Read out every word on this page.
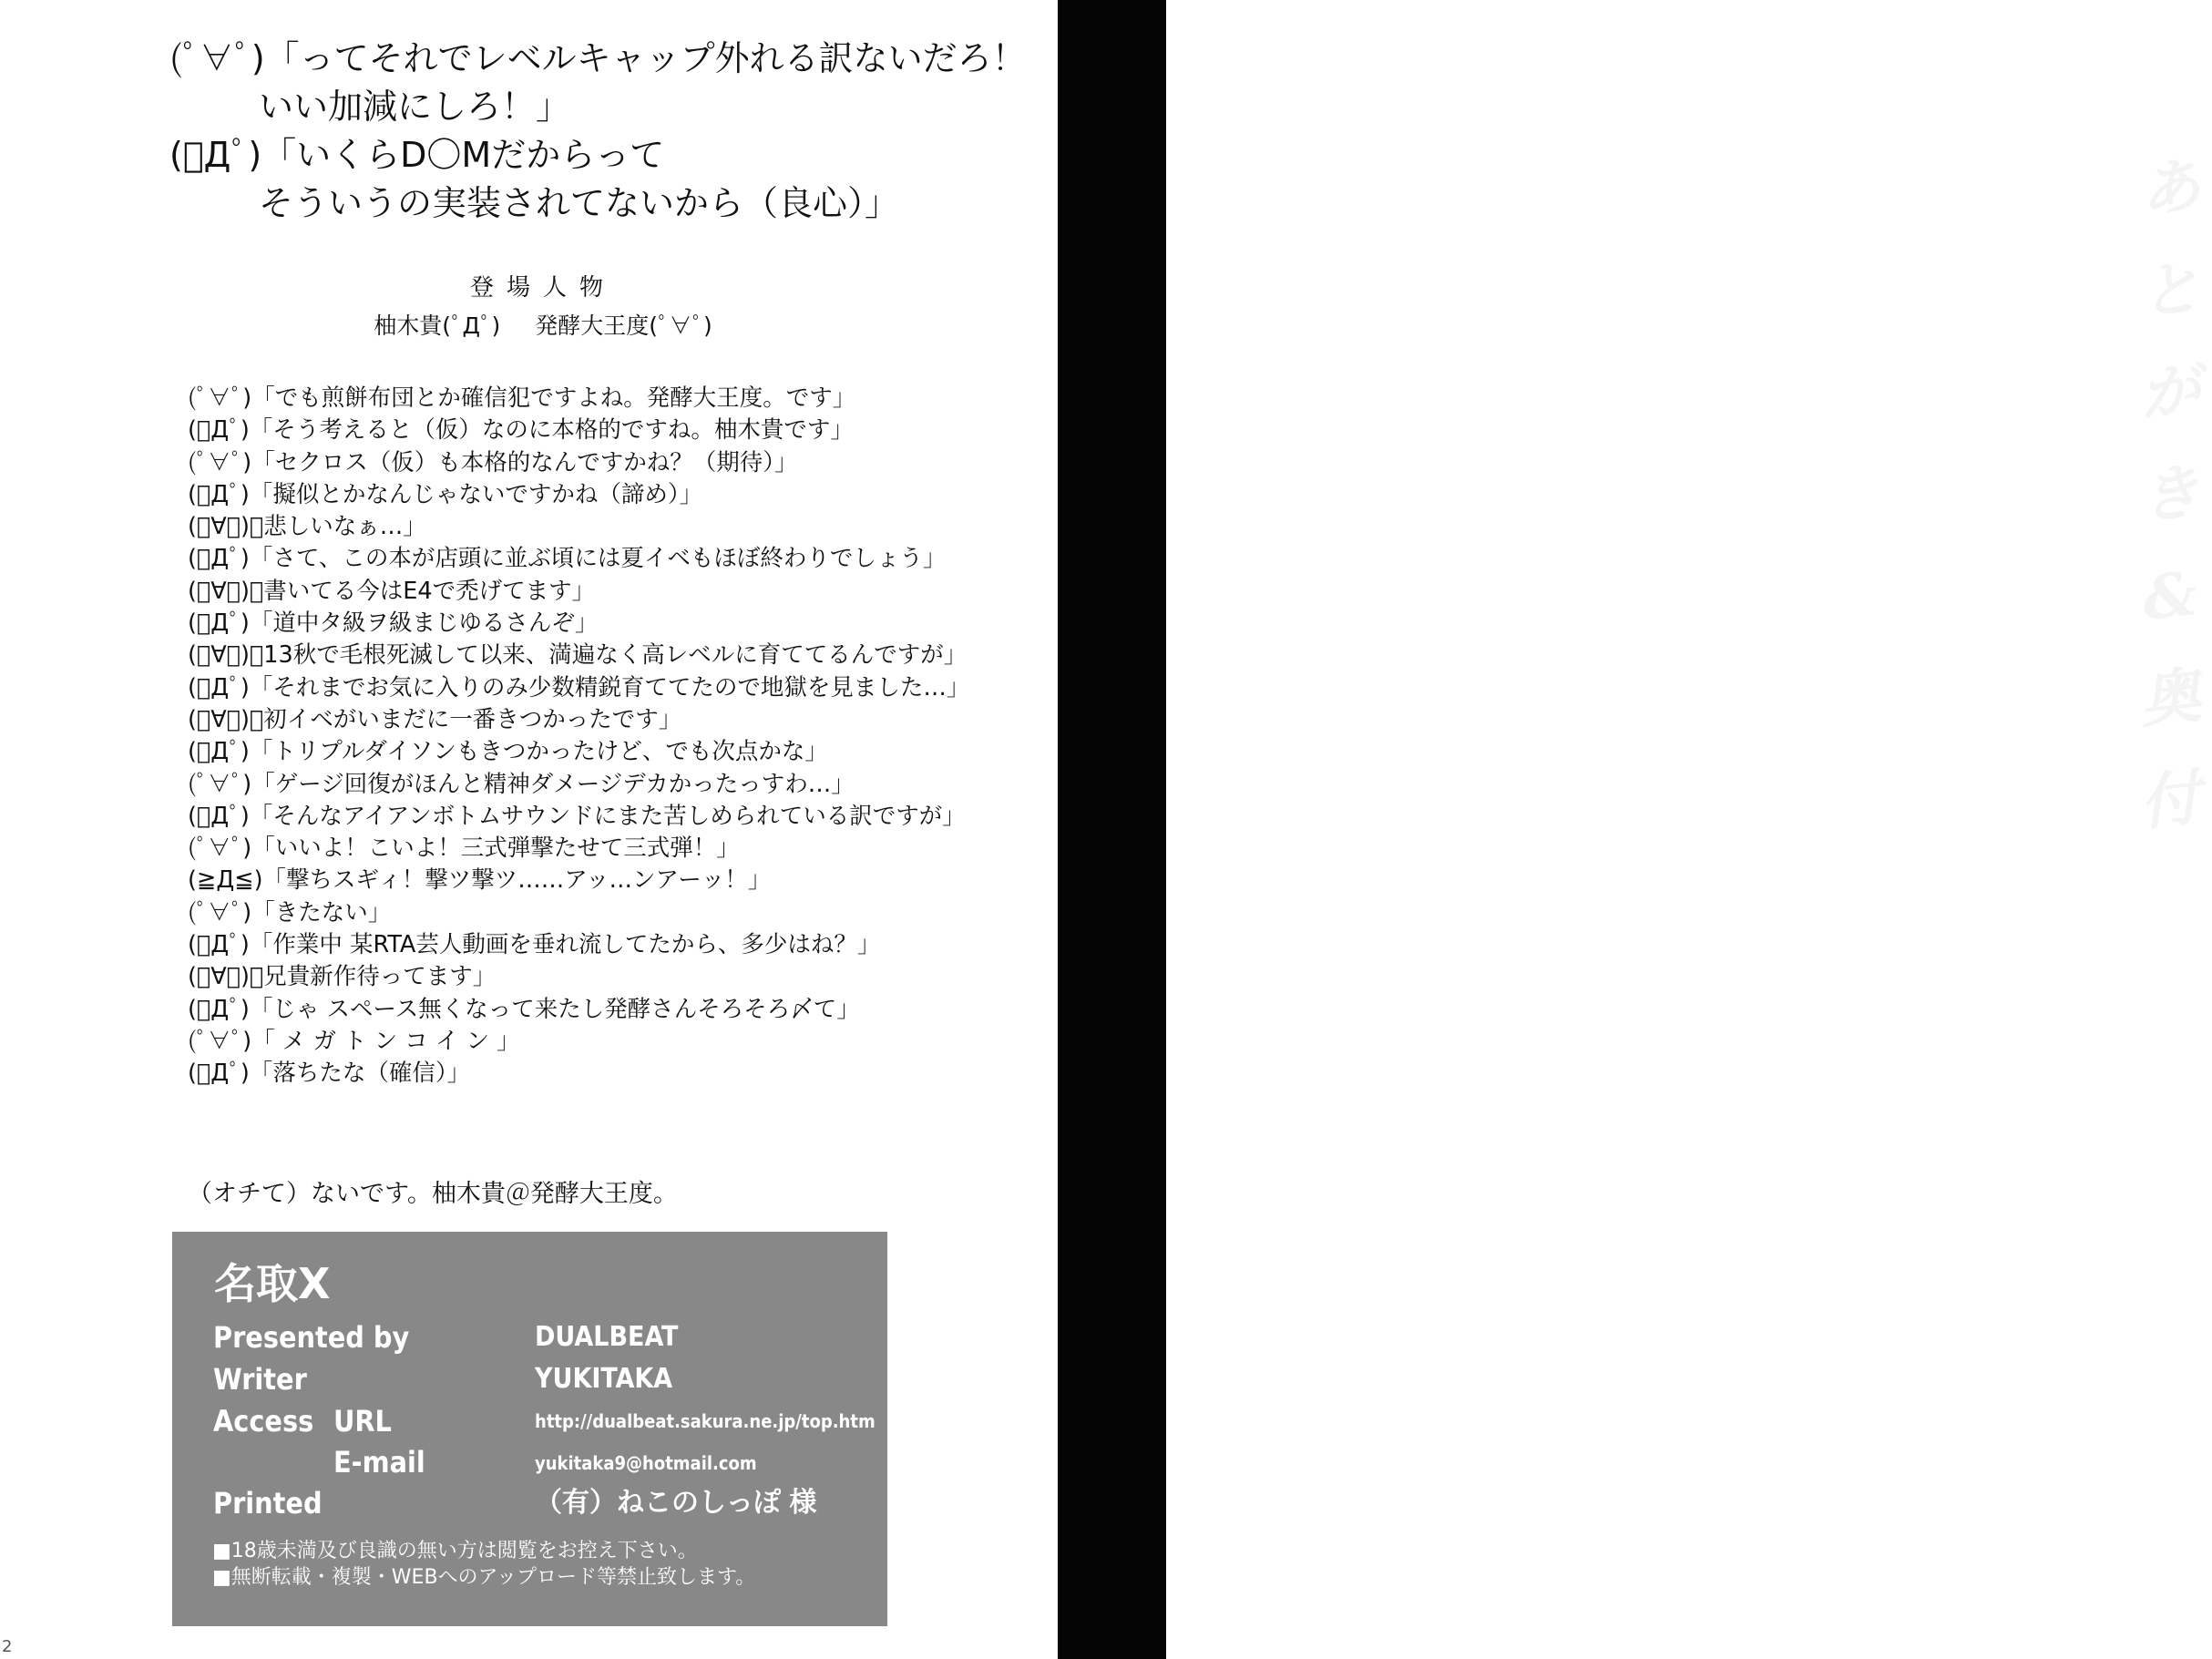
あ
と
が
き
&
奥
付
(ﾟ∀ﾟ)「ってそれでレベルキャップ外れる訳ないだろ！
いい加減にしろ！」
(ﾟДﾟ)「いくらD〇Mだからって
そういうの実装されてないから（良心）」
登場人物
柚木貴(ﾟДﾟ) 発酵大王度(ﾟ∀ﾟ)
(ﾟ∀ﾟ)「でも煎餅布団とか確信犯ですよね。発酵大王度。です」
(ﾟДﾟ)「そう考えると（仮）なのに本格的ですね。柚木貴です」
(ﾟ∀ﾟ)「セクロス（仮）も本格的なんですかね？（期待）」
(ﾟДﾟ)「擬似とかなんじゃないですかね（諦め）」
(ﾟ∀ﾟ)「悲しいなぁ…」
(ﾟДﾟ)「さて、この本が店頭に並ぶ頃には夏イベもほぼ終わりでしょう」
(ﾟ∀ﾟ)「書いてる今はE4で禿げてます」
(ﾟДﾟ)「道中タ級ヲ級まじゆるさんぞ」
(ﾟ∀ﾟ)「13秋で毛根死滅して以来、満遍なく高レベルに育ててるんですが」
(ﾟДﾟ)「それまでお気に入りのみ少数精鋭育ててたので地獄を見ました…」
(ﾟ∀ﾟ)「初イベがいまだに一番きつかったです」
(ﾟДﾟ)「トリプルダイソンもきつかったけど、でも次点かな」
(ﾟ∀ﾟ)「ゲージ回復がほんと精神ダメージデカかったっすわ…」
(ﾟДﾟ)「そんなアイアンボトムサウンドにまた苦しめられている訳ですが」
(ﾟ∀ﾟ)「いいよ！こいよ！三式弾撃たせて三式弾！」
(≧Д≦)「撃ちスギィ！撃ツ撃ツ……アッ…ンアーッ！」
(ﾟ∀ﾟ)「きたない」
(ﾟДﾟ)「作業中 某RTA芸人動画を垂れ流してたから、多少はね？」
(ﾟ∀ﾟ)「兄貴新作待ってます」
(ﾟДﾟ)「じゃ スペース無くなって来たし発酵さんそろそろ〆て」
(ﾟ∀ﾟ)「 メ ガ ト ン コ イ ン 」
(ﾟДﾟ)「落ちたな（確信）」
（オチて）ないです。柚木貴＠発酵大王度。
名取X
Presented by	DUALBEAT
Writer	YUKITAKA
Access URL	http://dualbeat.sakura.ne.jp/top.htm
E-mail	yukitaka9@hotmail.com
Printed	（有）ねこのしっぽ 様
■18歳未満及び良識の無い方は閲覧をお控え下さい。
■無断転載・複製・WEBへのアップロード等禁止致します。
2
